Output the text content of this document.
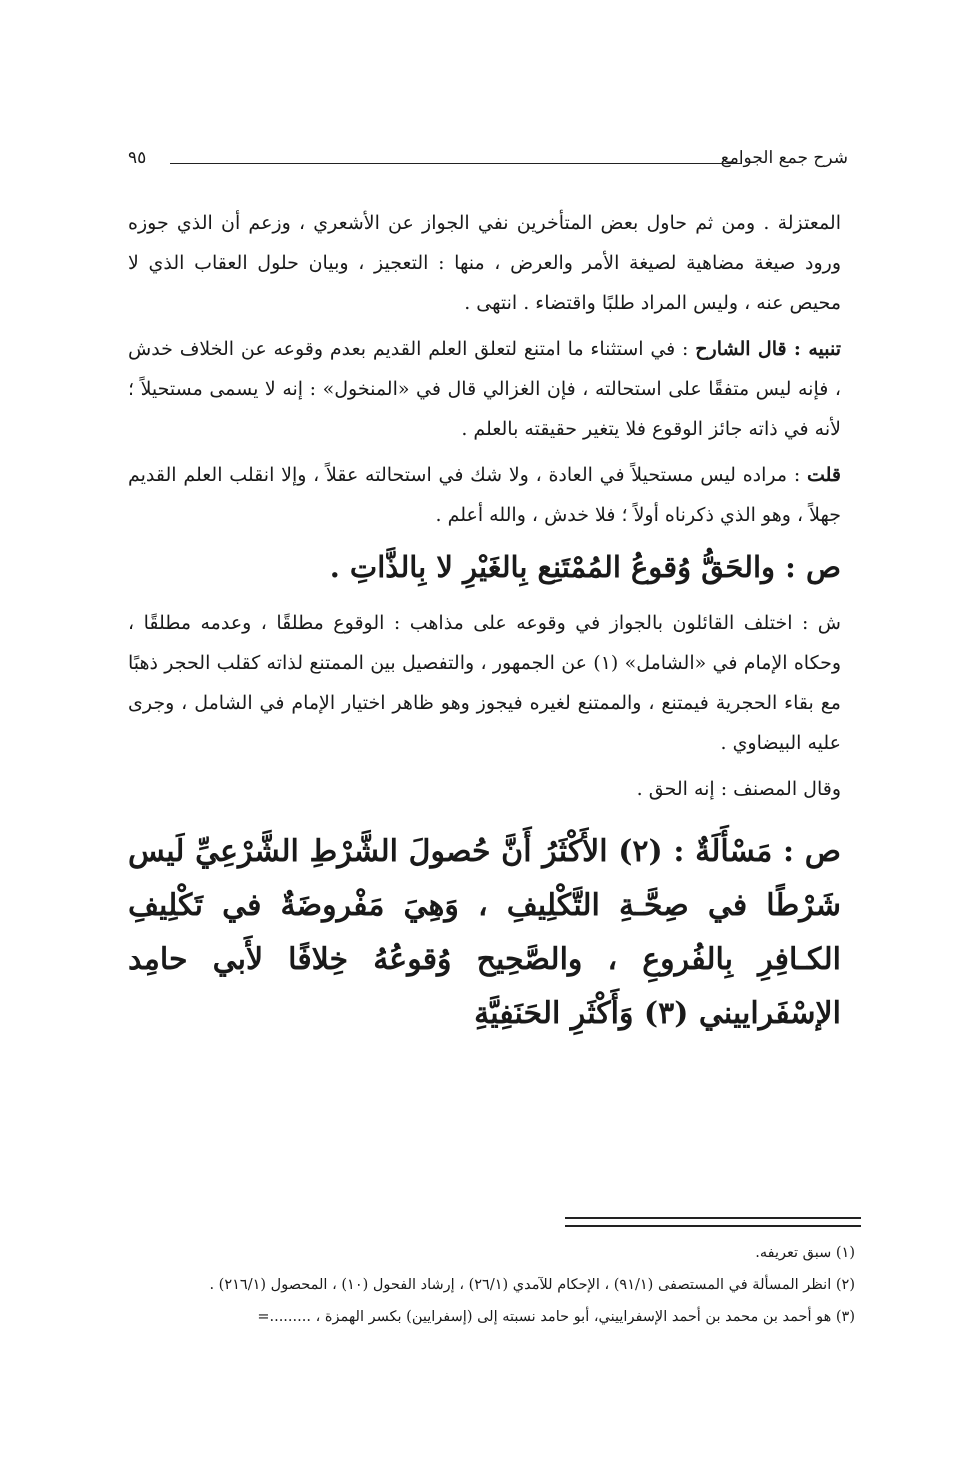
شرح جمع الجوامع
٩٥

المعتزلة . ومن ثم حاول بعض المتأخرين نفي الجواز عن الأشعري ، وزعم أن الذي جوزه ورود صيغة مضاهية لصيغة الأمر والعرض ، منها : التعجيز ، وبيان حلول العقاب الذي لا محيص عنه ، وليس المراد طلبًا واقتضاء . انتهى .

تنبيه : قال الشارح : في استثناء ما امتنع لتعلق العلم القديم بعدم وقوعه عن الخلاف خدش ، فإنه ليس متفقًا على استحالته ، فإن الغزالي قال في «المنخول» : إنه لا يسمى مستحيلاً ؛ لأنه في ذاته جائز الوقوع فلا يتغير حقيقته بالعلم .

قلت : مراده ليس مستحيلاً في العادة ، ولا شك في استحالته عقلاً ، وإلا انقلب العلم القديم جهلاً ، وهو الذي ذكرناه أولاً ؛ فلا خدش ، والله أعلم .

ص : والحَقُّ وُقوعُ المُمْتَنِع بِالغَيْرِ لا بِالذَّاتِ .

ش : اختلف القائلون بالجواز في وقوعه على مذاهب : الوقوع مطلقًا ، وعدمه مطلقًا ، وحكاه الإمام في «الشامل» (١) عن الجمهور ، والتفصيل بين الممتنع لذاته كقلب الحجر ذهبًا مع بقاء الحجرية فيمتنع ، والممتنع لغيره فيجوز وهو ظاهر اختيار الإمام في الشامل ، وجرى عليه البيضاوي .

وقال المصنف : إنه الحق .

ص : مَسْأَلَةٌ : (٢) الأَكْثَرُ أَنَّ حُصولَ الشَّرْطِ الشَّرْعِيِّ لَيس شَرْطًا في صِحَّـةِ التَّكْلِيفِ ، وَهِيَ مَفْروضَةٌ في تَكْلِيفِ الكـافِرِ بِالفُروعِ ، والصَّحِيح وُقوعُهُ خِلافًا لأَبي حامِد الإسْفَراييني (٣) وَأَكْثَرِ الحَنَفِيَّةِ

(١) سبق تعريفه.

(٢) انظر المسألة في المستصفى (٩١/١) ، الإحكام للآمدي (٢٦/١) ، إرشاد الفحول (١٠) ، المحصول (٢١٦/١) .

(٣) هو أحمد بن محمد بن أحمد الإسفراييني، أبو حامد نسبته إلى (إسفرايين) بكسر الهمزة ، .........=
